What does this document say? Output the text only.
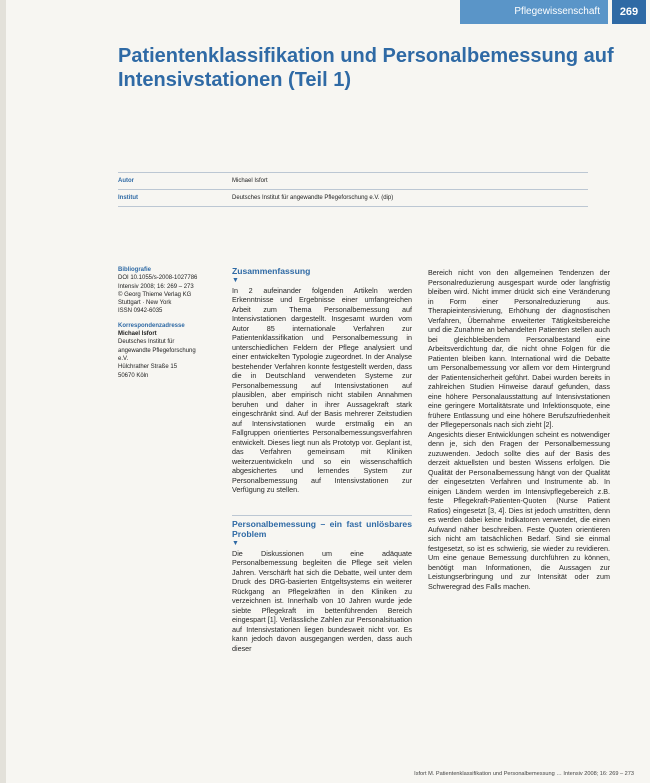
Pflegewissenschaft	269
Patientenklassifikation und Personalbemessung auf Intensivstationen (Teil 1)
Autor	Michael Isfort
Institut	Deutsches Institut für angewandte Pflegeforschung e.V. (dip)
Bibliografie

DOI 10.1055/s-2008-1027786

Intensiv 2008; 16: 269 – 273

© Georg Thieme Verlag KG

Stuttgart · New York

ISSN 0942-6035

Korrespondenzadresse

Michael Isfort

Deutsches Institut für

angewandte Pflegeforschung

e.V.

Hülchrather Straße 15

50670 Köln

Zusammenfassung
▼

In 2 aufeinander folgenden Artikeln werden Erkenntnisse und Ergebnisse einer umfangreichen Arbeit zum Thema Personalbemessung auf Intensivstationen dargestellt. Insgesamt wurden vom Autor 85 internationale Verfahren zur Patientenklassifikation und Personalbemessung in unterschiedlichen Feldern der Pflege analysiert und einer entwickelten Typologie zugeordnet. In der Analyse bestehender Verfahren konnte festgestellt werden, dass die in Deutschland verwendeten Systeme zur Personalbemessung auf Intensivstationen auf plausiblen, aber empirisch nicht stabilen Annahmen beruhen und daher in ihrer Aussagekraft stark eingeschränkt sind. Auf der Basis mehrerer Zeitstudien auf Intensivstationen wurde erstmalig ein an Fallgruppen orientiertes Personalbemessungsverfahren entwickelt. Dieses liegt nun als Prototyp vor. Geplant ist, das Verfahren gemeinsam mit Kliniken weiterzuentwickeln und so ein wissenschaftlich abgesichertes und lernendes System zur Personalbemessung auf Intensivstationen zur Verfügung zu stellen.

Personalbemessung – ein fast unlösbares Problem
▼

Die Diskussionen um eine adäquate Personalbemessung begleiten die Pflege seit vielen Jahren. Verschärft hat sich die Debatte, weil unter dem Druck des DRG-basierten Entgeltsystems ein weiterer Rückgang an Pflegekräften in den Kliniken zu verzeichnen ist. Innerhalb von 10 Jahren wurde jede siebte Pflegekraft im bettenführenden Bereich eingespart [1]. Verlässliche Zahlen zur Personalsituation auf Intensivstationen liegen bundesweit nicht vor. Es kann jedoch davon ausgegangen werden, dass auch dieser

Bereich nicht von den allgemeinen Tendenzen der Personalreduzierung ausgespart wurde oder langfristig bleiben wird. Nicht immer drückt sich eine Veränderung in Form einer Personalreduzierung aus. Therapieintensivierung, Erhöhung der diagnostischen Verfahren, Übernahme erweiterter Tätigkeitsbereiche und die Zunahme an behandelten Patienten stellen auch bei gleichbleibendem Personalbestand eine Arbeitsverdichtung dar, die nicht ohne Folgen für die Patienten bleiben kann. International wird die Debatte um Personalbemessung vor allem vor dem Hintergrund der Patientensicherheit geführt. Dabei wurden bereits in zahlreichen Studien Hinweise darauf gefunden, dass eine höhere Personalausstattung auf Intensivstationen eine geringere Mortalitätsrate und Infektionsquote, eine frühere Entlassung und eine höhere Berufszufriedenheit der Pflegepersonals nach sich zieht [2].

Angesichts dieser Entwicklungen scheint es notwendiger denn je, sich den Fragen der Personalbemessung zuzuwenden. Jedoch sollte dies auf der Basis des derzeit aktuellsten und besten Wissens erfolgen. Die Qualität der Personalbemessung hängt von der Qualität der eingesetzten Verfahren und Instrumente ab. In einigen Ländern werden im Intensivpflegebereich z.B. feste Pflegekraft-Patienten-Quoten (Nurse Patient Ratios) eingesetzt [3, 4]. Dies ist jedoch umstritten, denn es werden dabei keine Indikatoren verwendet, die einen Aufwand näher beschreiben. Feste Quoten orientieren sich nicht am tatsächlichen Bedarf. Sind sie einmal festgesetzt, so ist es schwierig, sie wieder zu revidieren. Um eine genaue Bemessung durchführen zu können, benötigt man Informationen, die Aussagen zur Leistungserbringung und zur Intensität oder zum Schweregrad des Falls machen.

Isfort M. Patientenklassifikation und Personalbemessung … Intensiv 2008; 16: 269 – 273
